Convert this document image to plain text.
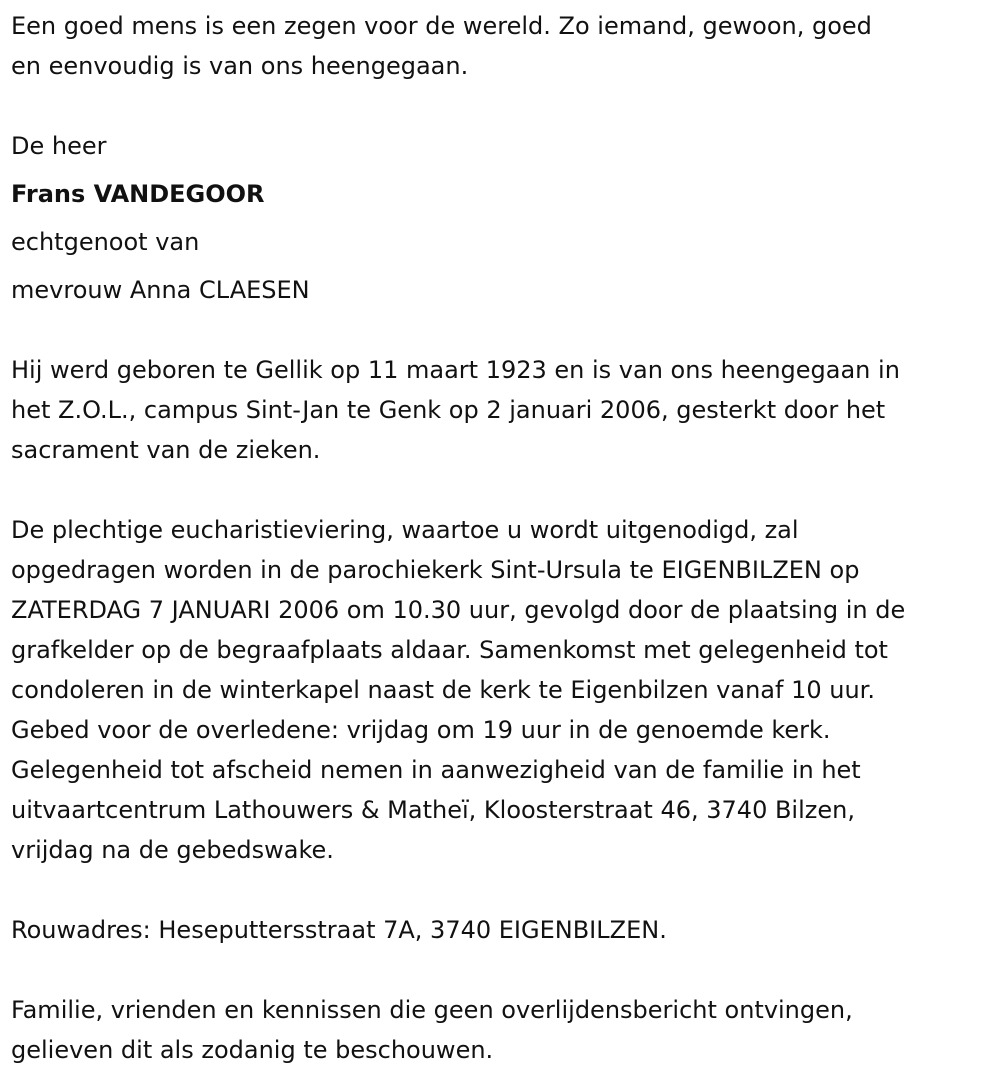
Een goed mens is een zegen voor de wereld. Zo iemand, gewoon, goed
en eenvoudig is van ons heengegaan.

De heer
Frans VANDEGOOR
echtgenoot van
mevrouw Anna CLAESEN

Hij werd geboren te Gellik op 11 maart 1923 en is van ons heengegaan in
het Z.O.L., campus Sint-Jan te Genk op 2 januari 2006, gesterkt door het
sacrament van de zieken.

De plechtige eucharistieviering, waartoe u wordt uitgenodigd, zal
opgedragen worden in de parochiekerk Sint-Ursula te EIGENBILZEN op
ZATERDAG 7 JANUARI 2006 om 10.30 uur, gevolgd door de plaatsing in de
grafkelder op de begraafplaats aldaar. Samenkomst met gelegenheid tot
condoleren in de winterkapel naast de kerk te Eigenbilzen vanaf 10 uur.
Gebed voor de overledene: vrijdag om 19 uur in de genoemde kerk.
Gelegenheid tot afscheid nemen in aanwezigheid van de familie in het
uitvaartcentrum Lathouwers & Matheï, Kloosterstraat 46, 3740 Bilzen,
vrijdag na de gebedswake.

Rouwadres: Heseputtersstraat 7A, 3740 EIGENBILZEN.

Familie, vrienden en kennissen die geen overlijdensbericht ontvingen,
gelieven dit als zodanig te beschouwen.
